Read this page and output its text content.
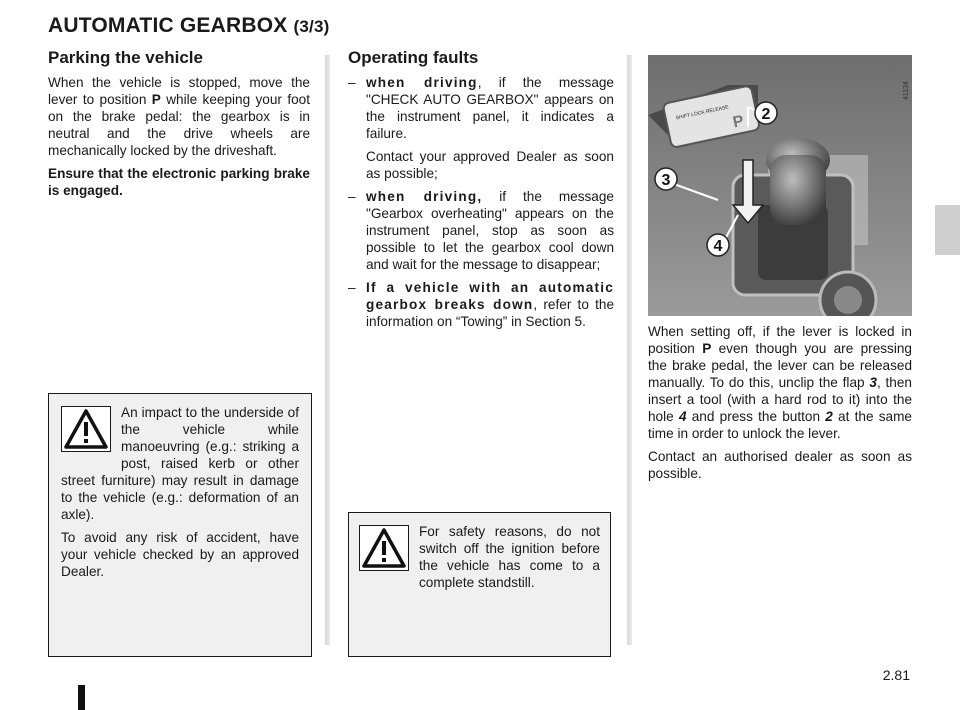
AUTOMATIC GEARBOX (3/3)
Parking the vehicle

When the vehicle is stopped, move the lever to position P while keeping your foot on the brake pedal: the gearbox is in neutral and the drive wheels are mechanically locked by the driveshaft.

Ensure that the electronic parking brake is engaged.

An impact to the underside of the vehicle while manoeuvring (e.g.: striking a post, raised kerb or other street furniture) may result in damage to the vehicle (e.g.: deformation of an axle).

To avoid any risk of accident, have your vehicle checked by an approved Dealer.

Operating faults
– when driving, if the message "CHECK AUTO GEARBOX" appears on the instrument panel, it indicates a failure.

Contact your approved Dealer as soon as possible;

– when driving, if the message "Gearbox overheating" appears on the instrument panel, stop as soon as possible to let the gearbox cool down and wait for the message to disappear;

– If a vehicle with an automatic gearbox breaks down, refer to the information on “Towing” in Section 5.

For safety reasons, do not switch off the ignition before the vehicle has come to a complete standstill.

SHIFT LOCK RELEASE P
41134
2
3
4

When setting off, if the lever is locked in position P even though you are pressing the brake pedal, the lever can be released manually. To do this, unclip the flap 3, then insert a tool (with a hard rod to it) into the hole 4 and press the button 2 at the same time in order to unlock the lever.

Contact an authorised dealer as soon as possible.

2.81
